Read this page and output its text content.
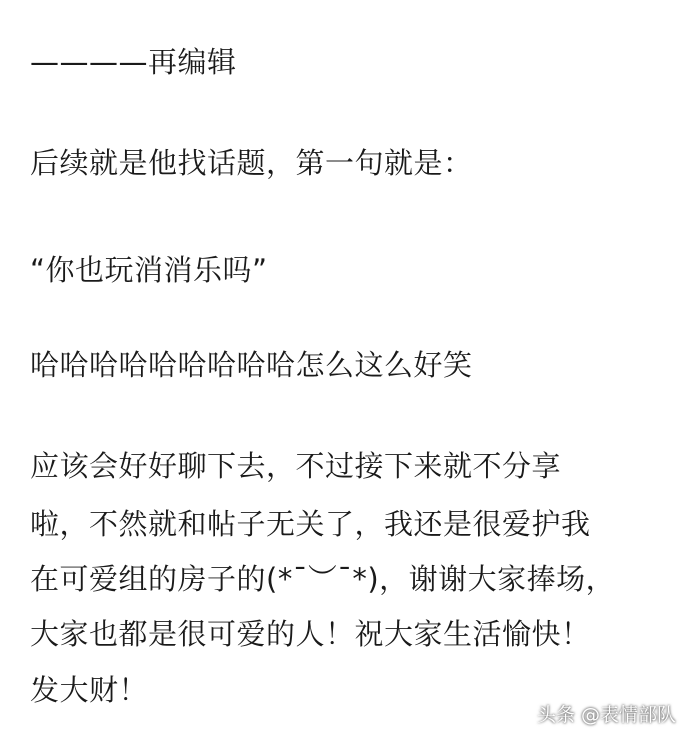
————再编辑
后续就是他找话题，第一句就是：
“你也玩消消乐吗”
哈哈哈哈哈哈哈哈哈怎么这么好笑
应该会好好聊下去，不过接下来就不分享
啦，不然就和帖子无关了，我还是很爱护我
在可爱组的房子的(*¯︶¯*)，谢谢大家捧场，
大家也都是很可爱的人！祝大家生活愉快！
发大财！
头条 @表情部队
